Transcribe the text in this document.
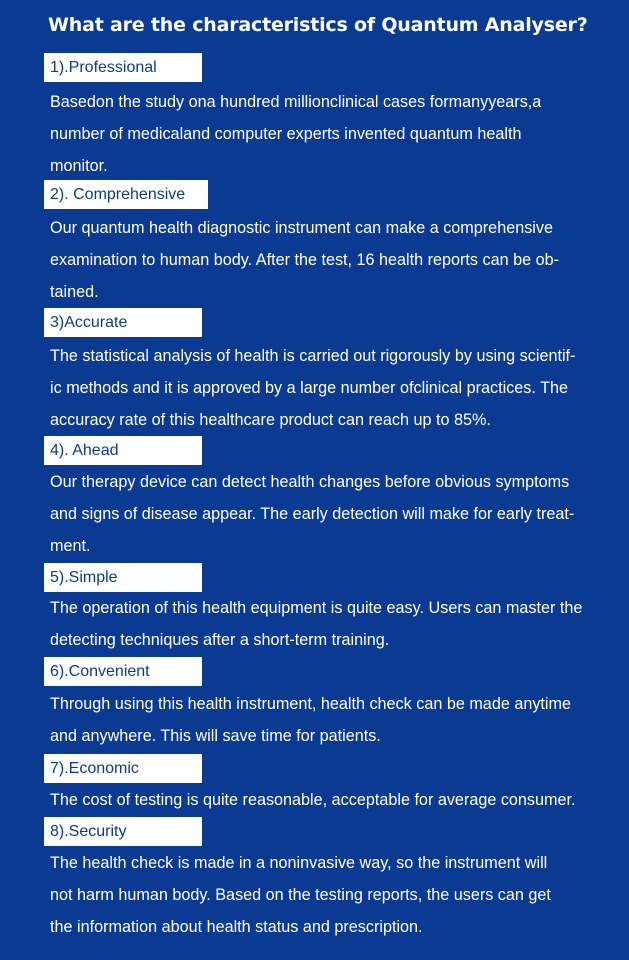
What are the characteristics of Quantum Analyser?
1).Professional
Basedon the study ona hundred millionclinical cases formanyyears,a
number of medicaland computer experts invented quantum health
monitor.
2). Comprehensive
Our quantum health diagnostic instrument can make a comprehensive
examination to human body. After the test, 16 health reports can be ob-
tained.
3)Accurate
The statistical analysis of health is carried out rigorously by using scientif-
ic methods and it is approved by a large number ofclinical practices. The
accuracy rate of this healthcare product can reach up to 85%.
4). Ahead
Our therapy device can detect health changes before obvious symptoms
and signs of disease appear. The early detection will make for early treat-
ment.
5).Simple
The operation of this health equipment is quite easy. Users can master the
detecting techniques after a short-term training.
6).Convenient
Through using this health instrument, health check can be made anytime
and anywhere. This will save time for patients.
7).Economic
The cost of testing is quite reasonable, acceptable for average consumer.
8).Security
The health check is made in a noninvasive way, so the instrument will
not harm human body. Based on the testing reports, the users can get
the information about health status and prescription.
